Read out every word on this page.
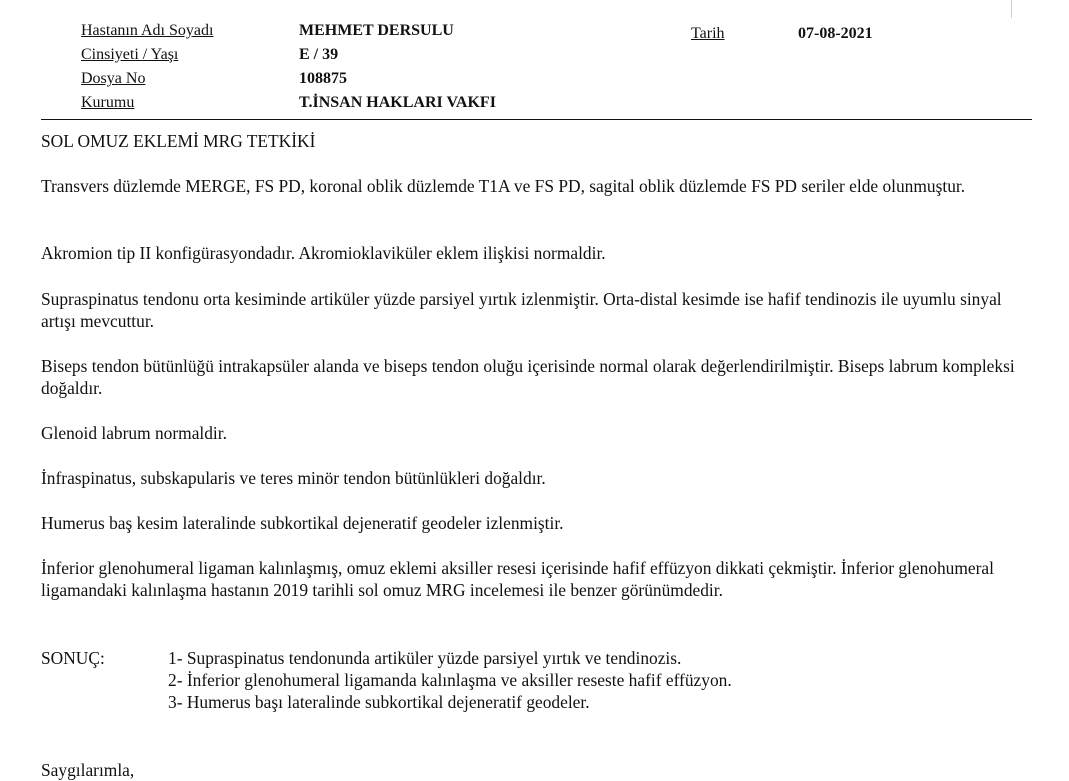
Hastanın Adı Soyadı	MEHMET DERSULU
Cinsiyeti / Yaşı	E / 39
Dosya No	108875
Kurumu	T.İNSAN HAKLARI VAKFI
Tarih	07-08-2021

SOL OMUZ EKLEMİ MRG TETKİKİ

Transvers düzlemde MERGE, FS PD, koronal oblik düzlemde T1A ve FS PD, sagital oblik düzlemde FS PD seriler elde olunmuştur.

Akromion tip II konfigürasyondadır. Akromioklaviküler eklem ilişkisi normaldir.

Supraspinatus tendonu orta kesiminde artiküler yüzde parsiyel yırtık izlenmiştir. Orta-distal kesimde ise hafif tendinozis ile uyumlu sinyal artışı mevcuttur.

Biseps tendon bütünlüğü intrakapsüler alanda ve biseps tendon oluğu içerisinde normal olarak değerlendirilmiştir. Biseps labrum kompleksi doğaldır.

Glenoid labrum normaldir.

İnfraspinatus, subskapularis ve teres minör tendon bütünlükleri doğaldır.

Humerus baş kesim lateralinde subkortikal dejeneratif geodeler izlenmiştir.

İnferior glenohumeral ligaman kalınlaşmış, omuz eklemi aksiller resesi içerisinde hafif effüzyon dikkati çekmiştir. İnferior glenohumeral ligamandaki kalınlaşma hastanın 2019 tarihli sol omuz MRG incelemesi ile benzer görünümdedir.

SONUÇ:	1- Supraspinatus tendonunda artiküler yüzde parsiyel yırtık ve tendinozis.
2- İnferior glenohumeral ligamanda kalınlaşma ve aksiller reseste hafif effüzyon.
3- Humerus başı lateralinde subkortikal dejeneratif geodeler.
Saygılarımla,
